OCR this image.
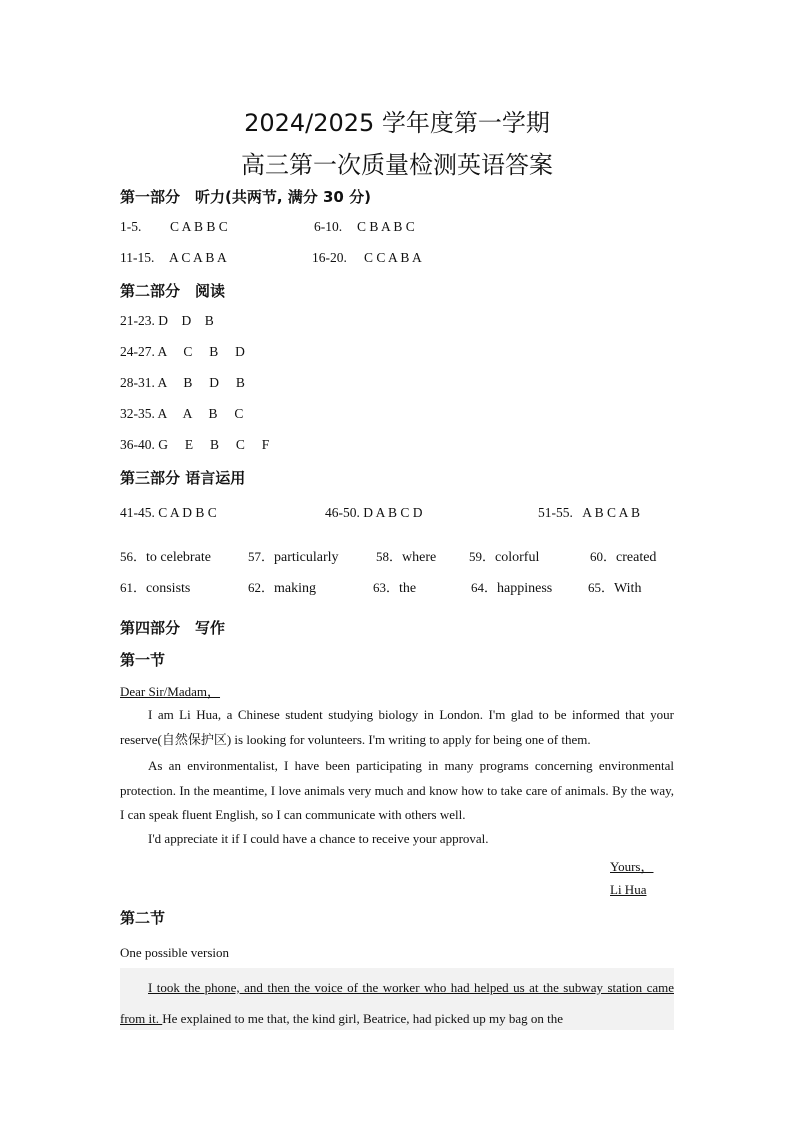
2024/2025 学年度第一学期
高三第一次质量检测英语答案
第一部分　听力(共两节, 满分 30 分)
1-5. C A B B C	6-10. C B A B C
11-15. A C A B A	16-20. C C A B A
第二部分　阅读
21-23. D    D    B
24-27. A     C     B     D
28-31. A     B     D     B
32-35. A     A     B     C
36-40. G     E     B     C     F
第三部分 语言运用
41-45. C A D B C	46-50. D A B C D	51-55.   A B C A B
56．to celebrate	57．particularly	58．where	59．colorful	60．created
61．consists	62．making	63．the	64．happiness	65．With
第四部分　写作
第一节
Dear Sir/Madam，
I am Li Hua, a Chinese student studying biology in London. I'm glad to be informed that your reserve(自然保护区) is looking for volunteers. I'm writing to apply for being one of them.
As an environmentalist, I have been participating in many programs concerning environmental protection. In the meantime, I love animals very much and know how to take care of animals. By the way, I can speak fluent English, so I can communicate with others well.
I'd appreciate it if I could have a chance to receive your approval.
Yours，
Li Hua
第二节
One possible version
I took the phone, and then the voice of the worker who had helped us at the subway station came from it. He explained to me that, the kind girl, Beatrice, had picked up my bag on the
